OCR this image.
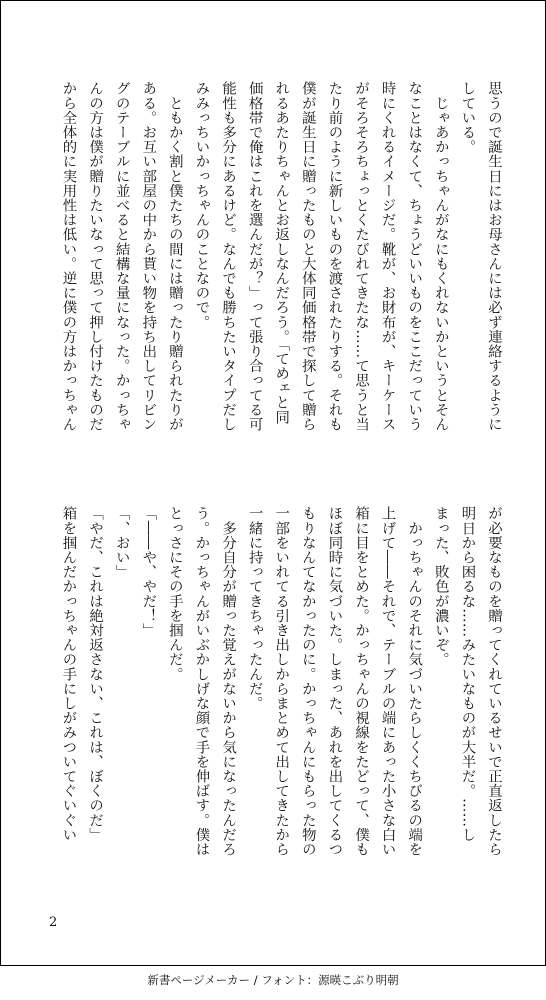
思うので誕生日にはお母さんには必ず連絡するように
している。
　じゃあかっちゃんがなにもくれないかというとそん
なことはなくて、ちょうどいいものをここだっていう
時にくれるイメージだ。靴が、お財布が、キーケース
がそろそろちょっとくたびれてきたな……て思うと当
たり前のように新しいものを渡されたりする。それも
僕が誕生日に贈ったものと大体同価格帯で探して贈ら
れるあたりちゃんとお返しなんだろう。「てめェと同
価格帯で俺はこれを選んだが？」って張り合ってる可
能性も多分にあるけど。なんでも勝ちたいタイプだし
みみっちいかっちゃんのことなので。
　ともかく割と僕たちの間には贈ったり贈られたりが
ある。お互い部屋の中から貰い物を持ち出してリビン
グのテーブルに並べると結構な量になった。かっちゃ
んの方は僕が贈りたいなって思って押し付けたものだ
から全体的に実用性は低い。逆に僕の方はかっちゃん
が必要なものを贈ってくれているせいで正直返したら
明日から困るな……みたいなものが大半だ。……し
まった、敗色が濃いぞ。
　かっちゃんのそれに気づいたらしくくちびるの端を
上げて――それで、テーブルの端にあった小さな白い
箱に目をとめた。かっちゃんの視線をたどって、僕も
ほぼ同時に気づいた。しまった、あれを出してくるつ
もりなんてなかったのに。かっちゃんにもらった物の
一部をいれてる引き出しからまとめて出してきたから
一緒に持ってきちゃったんだ。
　多分自分が贈った覚えがないから気になったんだろ
う。かっちゃんがいぶかしげな顔で手を伸ばす。僕は
とっさにその手を掴んだ。
「――や、やだ！」
「、おい」
「やだ、これは絶対返さない、これは、ぼくのだ」
箱を掴んだかっちゃんの手にしがみついてぐいぐい
2
新書ページメーカー / フォント：源暎こぶり明朝
